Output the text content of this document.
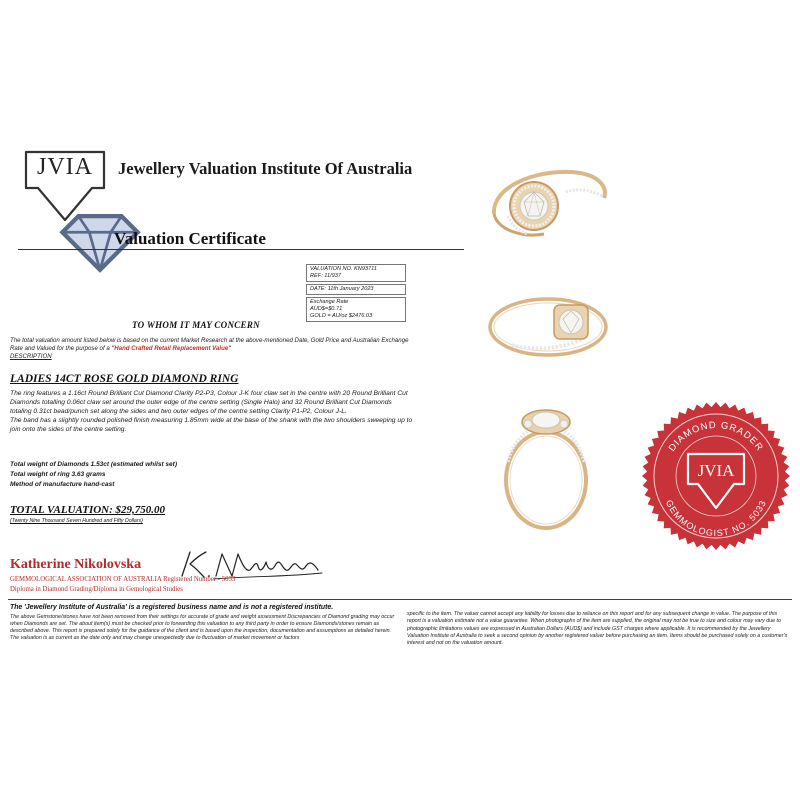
JVIA	Jewellery Valuation Institute Of Australia
Valuation Certificate
VALUATION NO. KN93711
REF: 11/937
DATE: 11th January 2023
Exchange Rate
AUD$=$0.71
GOLD = AU/oz $2476.03
TO WHOM IT MAY CONCERN
The total valuation amount listed below is based on the current Market Research at the above-mentioned Date, Gold Price and Australian Exchange Rate and Valued for the purpose of a "Hand Crafted Retail Replacement Value"
DESCRIPTION
LADIES 14CT ROSE GOLD DIAMOND RING

The ring features a 1.16ct Round Brilliant Cut Diamond Clarity P2-P3, Colour J-K four claw set in the centre with 20 Round Brilliant Cut Diamonds totalling 0.06ct claw set around the outer edge of the centre setting (Single Halo) and 32 Round Brilliant Cut Diamonds totaling 0.31ct bead/punch set along the sides and two outer edges of the centre setting Clarity P1-P2, Colour J-L.

The band has a slightly rounded polished finish measuring 1.85mm wide at the base of the shank with the two shoulders sweeping up to join onto the sides of the centre setting.

Total weight of Diamonds 1.53ct (estimated whilst set)
Total weight of ring 3.63 grams
Method of manufacture hand-cast
TOTAL VALUATION: $29,750.00
(Twenty Nine Thousand Seven Hundred and Fifty Dollars)
Katherine Nikolovska
GEMMOLOGICAL ASSOCIATION OF AUSTRALIA Registered Number - 5033
Diploma in Diamond Grading/Diploma in Gemological Studies
The 'Jewellery Institute of Australia' is a registered business name and is not a registered institute.
The above Gemstone/stones have not been removed from their settings for accurate of grade and weight assessment Discrepancies of Diamond grading may occur when Diamonds are set. The about item(s) must be checked prior to forwarding this valuation to any third party in order to ensure Diamonds/stones remain as described above. This report is prepared solely for the guidance of the client and is based upon the inspection, documentation and assumptions as detailed herein. The valuation is as current as the date only and may change unexpectedly due to fluctuation of market movement or factors
specific to the item. The valuer cannot accept any liability for losses due to reliance on this report and for any subsequent change in value. The purpose of this report is a valuation estimate not a value guarantee. When photographs of the item are supplied, the original may not be true to size and colour may vary due to photographic limitations values are expressed in Australian Dollars (AUD$) and include GST charges where applicable. It is recommended by the Jewellery Valuation Institute of Australia to seek a second opinion by another registered valuer before purchasing an item. Items should be purchased solely on a customer's interest and not on the valuation amount.
DIAMOND GRADER
GEMMOLOGIST NO. 5033
JVIA
